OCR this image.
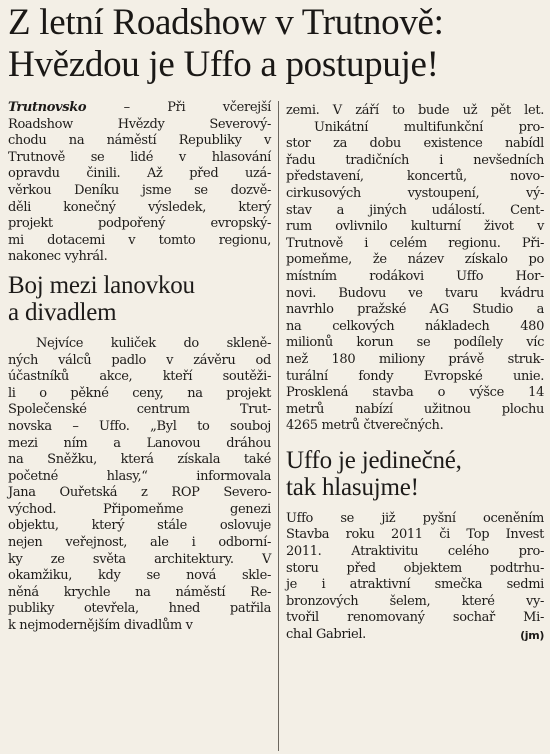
Z letní Roadshow v Trutnově:
Hvězdou je Uffo a postupuje!

Trutnovsko – Při včerejší
Roadshow Hvězdy Severový-
chodu na náměstí Republiky v
Trutnově se lidé v hlasování
opravdu činili. Až před uzá-
věrkou Deníku jsme se dozvě-
děli konečný výsledek, který
projekt podpořený evropský-
mi dotacemi v tomto regionu,
nakonec vyhrál.

Boj mezi lanovkou
a divadlem

Nejvíce kuliček do skleně-
ných válců padlo v závěru od
účastníků akce, kteří soutěži-
li o pěkné ceny, na projekt
Společenské centrum Trut-
novska – Uffo. „Byl to souboj
mezi ním a Lanovou dráhou
na Sněžku, která získala také
početné hlasy,“ informovala
Jana Ouřetská z ROP Severo-
východ. Připomeňme genezi
objektu, který stále oslovuje
nejen veřejnost, ale i odborní-
ky ze světa architektury. V
okamžiku, kdy se nová skle-
něná krychle na náměstí Re-
publiky otevřela, hned patřila
k nejmodernějším divadlům v

zemi. V září to bude už pět let.
Unikátní multifunkční pro-
stor za dobu existence nabídl
řadu tradičních i nevšedních
představení, koncertů, novo-
cirkusových vystoupení, vý-
stav a jiných událostí. Cent-
rum ovlivnilo kulturní život v
Trutnově i celém regionu. Při-
pomeňme, že název získalo po
místním rodákovi Uffo Hor-
novi. Budovu ve tvaru kvádru
navrhlo pražské AG Studio a
na celkových nákladech 480
milionů korun se podílely víc
než 180 miliony právě struk-
turální fondy Evropské unie.
Prosklená stavba o výšce 14
metrů nabízí užitnou plochu
4265 metrů čtverečných.

Uffo je jedinečné,
tak hlasujme!

Uffo se již pyšní oceněním
Stavba roku 2011 či Top Invest
2011. Atraktivitu celého pro-
storu před objektem podtrhu-
je i atraktivní smečka sedmi
bronzových šelem, které vy-
tvořil renomovaný sochař Mi-
chal Gabriel.	(jm)
